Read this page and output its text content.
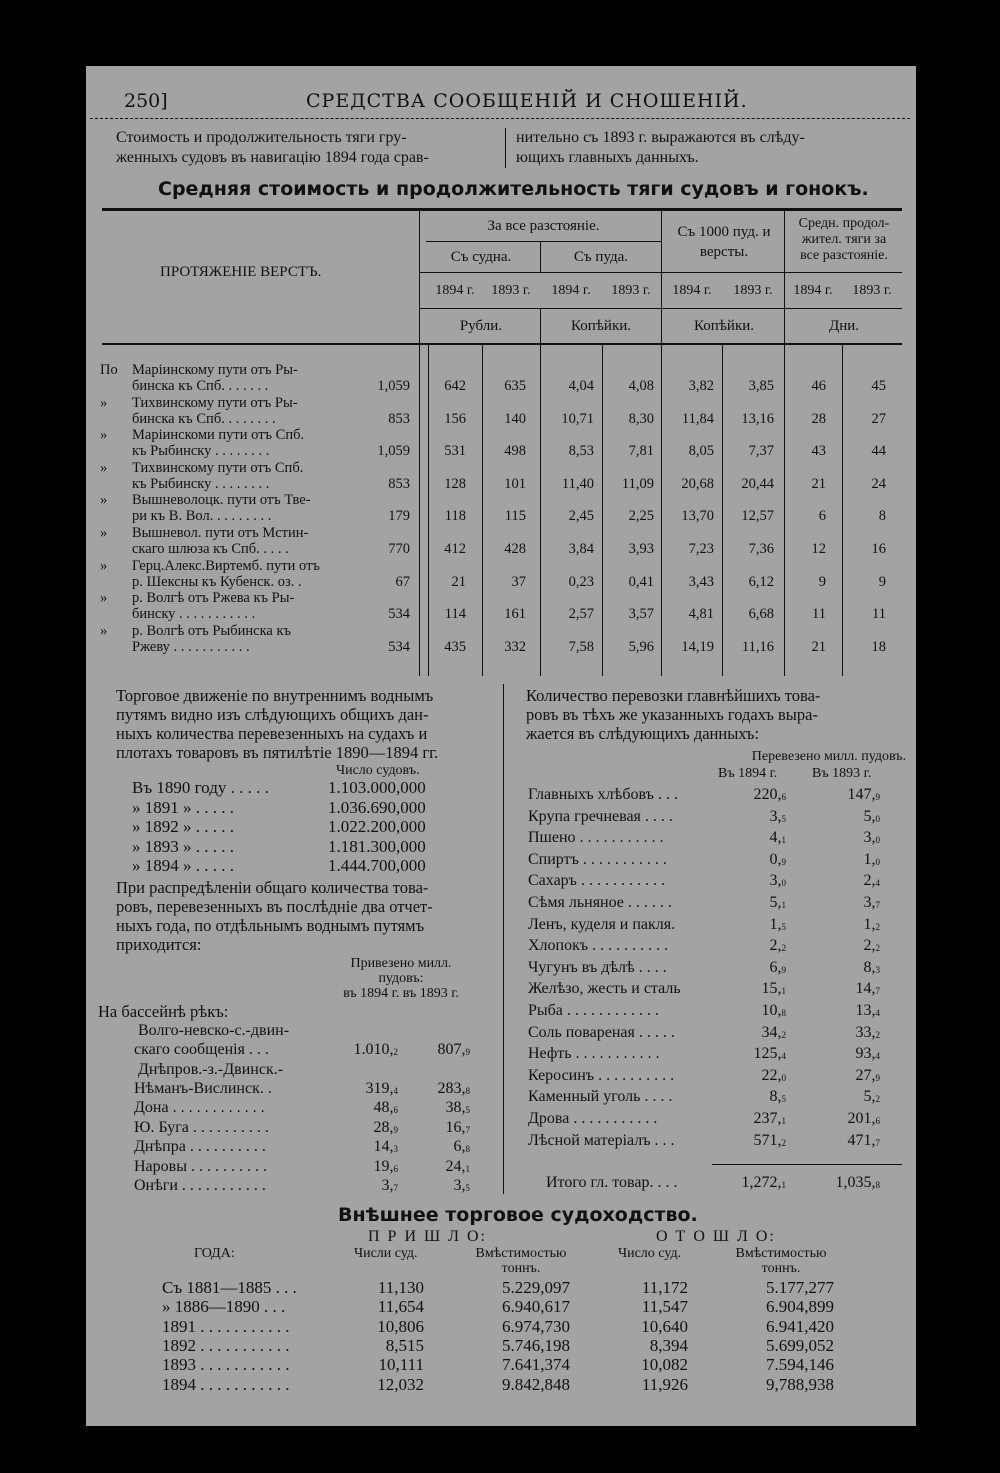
250]	СРЕДСТВА СООБЩЕНІЙ И СНОШЕНІЙ.
Стоимость и продолжительность тяги гру-
женныхъ судовъ въ навигацію 1894 года срав-
нительно съ 1893 г. выражаются въ слѣду-
ющихъ главныхъ данныхъ.
Средняя стоимость и продолжительность тяги судовъ и гонокъ.
ПРОТЯЖЕНІЕ ВЕРСТЪ.
За все разстояніе.
Съ судна.	Съ пуда.
Съ 1000 пуд. и
версты.
Средн. продол-
жител. тяги за
все разстояніе.
1894 г.	1893 г.	1894 г.	1893 г.	1894 г.	1893 г.	1894 г.	1893 г.
Рубли.	Копѣйки.	Копѣйки.	Дни.
По Маріинскому пути отъ Ры-
бинска къ Спб. . . . . . .	1,059	642	635	4,04	4,08	3,82	3,85	46	45
» Тихвинскому пути отъ Ры-
бинска къ Спб. . . . . . . .	853	156	140	10,71	8,30	11,84	13,16	28	27
» Маріинскоми пути отъ Спб.
къ Рыбинску . . . . . . . .	1,059	531	498	8,53	7,81	8,05	7,37	43	44
» Тихвинскому пути отъ Спб.
къ Рыбинску . . . . . . . .	853	128	101	11,40	11,09	20,68	20,44	21	24
» Вышневолоцк. пути отъ Тве-
ри къ В. Вол. . . . . . . . .	179	118	115	2,45	2,25	13,70	12,57	6	8
» Вышневол. пути отъ Мстин-
скаго шлюза къ Спб. . . . .	770	412	428	3,84	3,93	7,23	7,36	12	16
» Герц.Алекс.Виртемб. пути отъ
р. Шексны къ Кубенск. оз. .	67	21	37	0,23	0,41	3,43	6,12	9	9
» р. Волгѣ отъ Ржева къ Ры-
бинску . . . . . . . . . . .	534	114	161	2,57	3,57	4,81	6,68	11	11
» р. Волгѣ отъ Рыбинска къ
Ржеву . . . . . . . . . . .	534	435	332	7,58	5,96	14,19	11,16	21	18
Торговое движеніе по внутреннимъ воднымъ
путямъ видно изъ слѣдующихъ общихъ дан-
ныхъ количества перевезенныхъ на судахъ и
плотахъ товаровъ въ пятилѣтіе 1890—1894 гг.
Число судовъ.
Въ 1890 году . . . . .	1.103.000,000
» 1891 » . . . . .	1.036.690,000
» 1892 » . . . . .	1.022.200,000
» 1893 » . . . . .	1.181.300,000
» 1894 » . . . . .	1.444.700,000
При распредѣленіи общаго количества това-
ровъ, перевезенныхъ въ послѣдніе два отчет-
ныхъ года, по отдѣльнымъ воднымъ путямъ
приходится:
Привезено милл.
пудовъ:
въ 1894 г. въ 1893 г.
На бассейнѣ рѣкъ:
Волго-невско-с.-двин-
скаго сообщенія . . .	$1.010,_2$	$807,_9$
Днѣпров.-з.-Двинск.-
Нѣманъ-Вислинск. .	$319,_4$	$283,_8$
Дона . . . . . . . . . . . .	$48,_6$	$38,_5$
Ю. Буга . . . . . . . . . .	$28,_9$	$16,_7$
Днѣпра . . . . . . . . . .	$14,_3$	$6,_8$
Наровы . . . . . . . . . .	$19,_6$	$24,_1$
Онѣги . . . . . . . . . . .	$3,_7$	$3,_5$
Количество перевозки главнѣйшихъ това-
ровъ въ тѣхъ же указанныхъ годахъ выра-
жается въ слѣдующихъ данныхъ:
Перевезено милл. пудовъ.
Въ 1894 г. Въ 1893 г.
Главныхъ хлѣбовъ . . .	$220,_6$	$147,_9$
Крупа гречневая . . . .	$3,_5$	$5,_0$
Пшено . . . . . . . . . . .	$4,_1$	$3,_0$
Спиртъ . . . . . . . . . . .	$0,_9$	$1,_0$
Сахаръ . . . . . . . . . . .	$3,_0$	$2,_4$
Сѣмя льняное . . . . . .	$5,_1$	$3,_7$
Ленъ, куделя и пакля.	$1,_5$	$1,_2$
Хлопокъ . . . . . . . . . .	$2,_2$	$2,_2$
Чугунъ въ дѣлѣ . . . .	$6,_9$	$8,_3$
Желѣзо, жесть и сталь	$15,_1$	$14,_7$
Рыба . . . . . . . . . . . .	$10,_8$	$13,_4$
Соль повареная . . . . .	$34,_2$	$33,_2$
Нефть . . . . . . . . . . .	$125,_4$	$93,_4$
Керосинъ . . . . . . . . . .	$22,_0$	$27,_9$
Каменный уголь . . . .	$8,_5$	$5,_2$
Дрова . . . . . . . . . . .	$237,_1$	$201,_6$
Лѣсной матеріалъ . . .	$571,_2$	$471,_7$
Итого гл. товар. . . .	$1,272,_1$	$1,035,_8$
Внѣшнее торговое судоходство.
П Р И Ш Л О:	О Т О Ш Л О:
ГОДА:	Числи суд.	Вмѣстимостью
тоннъ.
Число суд.	Вмѣстимостью
тоннъ.
Съ 1881—1885 . . .	11,130	5.229,097	11,172	5.177,277
» 1886—1890 . . .	11,654	6.940,617	11,547	6.904,899
1891 . . . . . . . . . . .	10,806	6.974,730	10,640	6.941,420
1892 . . . . . . . . . . .	8,515	5.746,198	8,394	5.699,052
1893 . . . . . . . . . . .	10,111	7.641,374	10,082	7.594,146
1894 . . . . . . . . . . .	12,032	9.842,848	11,926	9,788,938
